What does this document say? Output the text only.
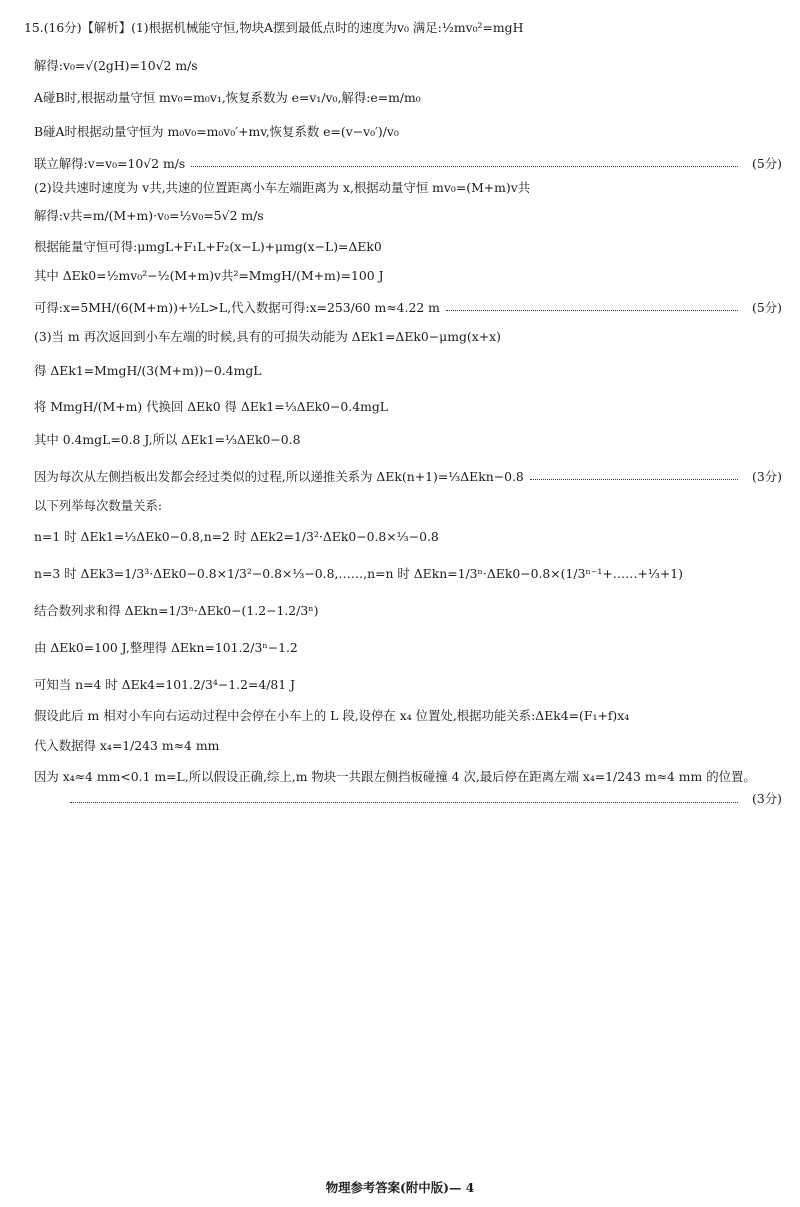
15.(16分)【解析】(1)根据机械能守恒,物块A摆到最低点时的速度为v₀ 满足:½mv₀²=mgH
解得:v₀=√(2gH)=10√2 m/s
A碰B时,根据动量守恒 mv₀=m₀v₁,恢复系数为 e=v₁/v₀,解得:e=m/m₀
B碰A时根据动量守恒为 m₀v₀=m₀v₀′+mv,恢复系数 e=(v−v₀′)/v₀
联立解得:v=v₀=10√2 m/s	(5分)
(2)设共速时速度为 v共,共速的位置距离小车左端距离为 x,根据动量守恒 mv₀=(M+m)v共
解得:v共=m/(M+m)·v₀=½v₀=5√2 m/s
根据能量守恒可得:μmgL+F₁L+F₂(x−L)+μmg(x−L)=ΔEk0
其中 ΔEk0=½mv₀²−½(M+m)v共²=MmgH/(M+m)=100 J
可得:x=5MH/(6(M+m))+½L>L,代入数据可得:x=253/60 m≈4.22 m	(5分)
(3)当 m 再次返回到小车左端的时候,具有的可损失动能为 ΔEk1=ΔEk0−μmg(x+x)
得 ΔEk1=MmgH/(3(M+m))−0.4mgL
将 MmgH/(M+m) 代换回 ΔEk0 得 ΔEk1=⅓ΔEk0−0.4mgL
其中 0.4mgL=0.8 J,所以 ΔEk1=⅓ΔEk0−0.8
因为每次从左侧挡板出发都会经过类似的过程,所以递推关系为 ΔEk(n+1)=⅓ΔEkn−0.8	(3分)
以下列举每次数量关系:
n=1 时 ΔEk1=⅓ΔEk0−0.8,n=2 时 ΔEk2=1/3²·ΔEk0−0.8×⅓−0.8
n=3 时 ΔEk3=1/3³·ΔEk0−0.8×1/3²−0.8×⅓−0.8,……,n=n 时 ΔEkn=1/3ⁿ·ΔEk0−0.8×(1/3ⁿ⁻¹+……+⅓+1)
结合数列求和得 ΔEkn=1/3ⁿ·ΔEk0−(1.2−1.2/3ⁿ)
由 ΔEk0=100 J,整理得 ΔEkn=101.2/3ⁿ−1.2
可知当 n=4 时 ΔEk4=101.2/3⁴−1.2=4/81 J
假设此后 m 相对小车向右运动过程中会停在小车上的 L 段,设停在 x₄ 位置处,根据功能关系:ΔEk4=(F₁+f)x₄
代入数据得 x₄=1/243 m≈4 mm
因为 x₄≈4 mm<0.1 m=L,所以假设正确,综上,m 物块一共跟左侧挡板碰撞 4 次,最后停在距离左端 x₄=1/243 m≈4 mm 的位置。
(3分)
物理参考答案(附中版)— 4
